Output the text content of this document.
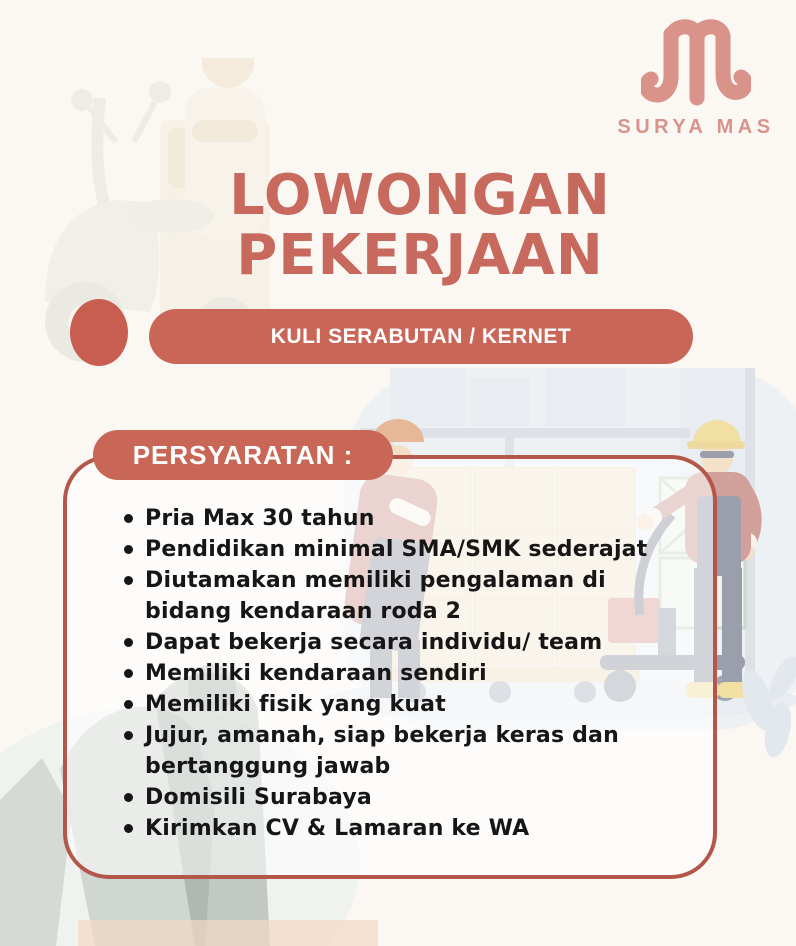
SURYA MAS
LOWONGAN
PEKERJAAN
KULI SERABUTAN / KERNET
Pria Max 30 tahun
Pendidikan minimal SMA/SMK sederajat
Diutamakan memiliki pengalaman di bidang kendaraan roda 2
Dapat bekerja secara individu/ team
Memiliki kendaraan sendiri
Memiliki fisik yang kuat
Jujur, amanah, siap bekerja keras dan bertanggung jawab
Domisili Surabaya
Kirimkan CV & Lamaran ke WA
PERSYARATAN :
